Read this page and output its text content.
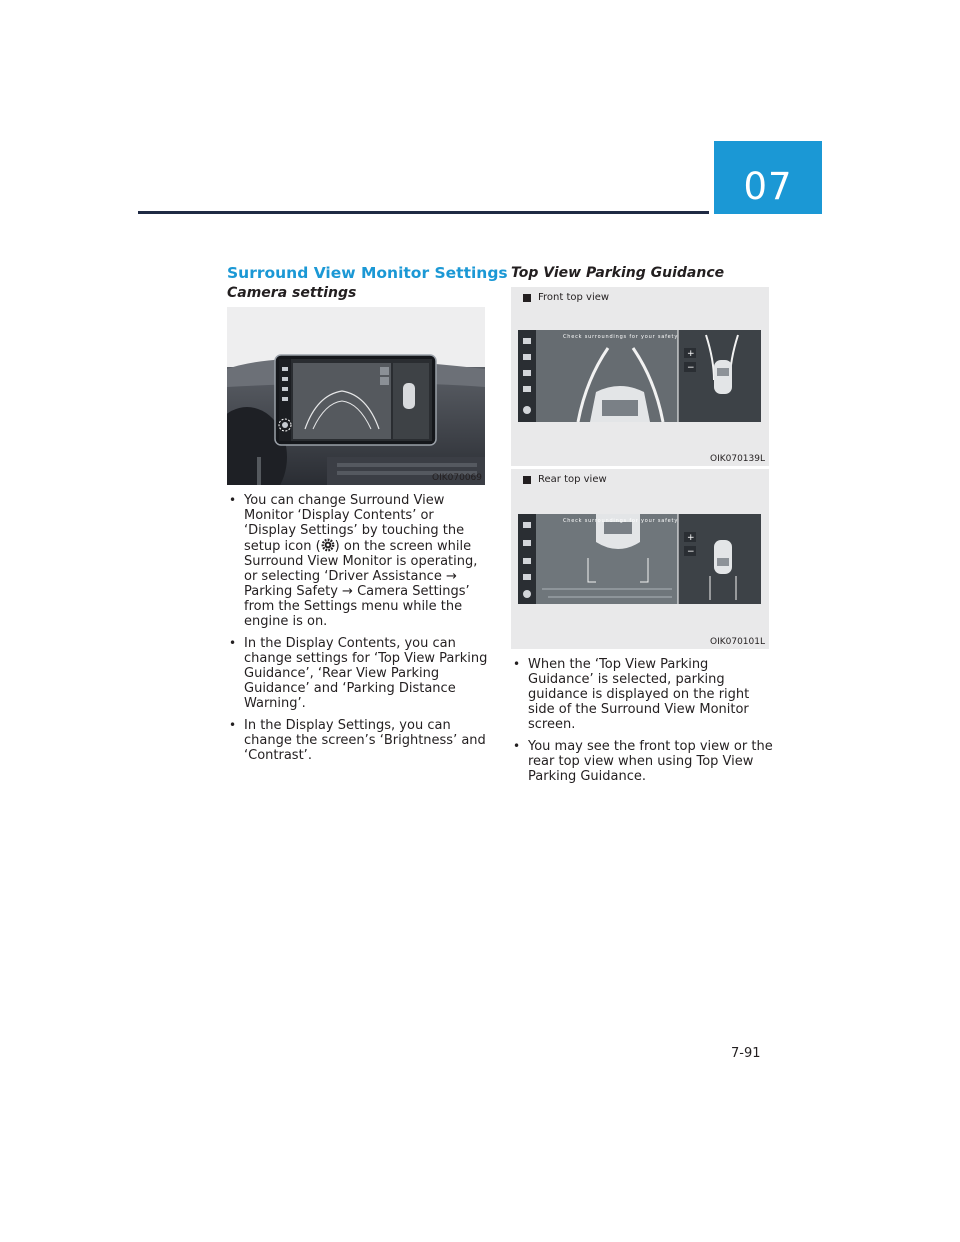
07
Surround View Monitor Settings
Camera settings
OIK070069
• You can change Surround View Monitor ‘Display Contents’ or ‘Display Settings’ by touching the setup icon ( ) on the screen while Surround View Monitor is operating, or selecting ‘Driver Assistance → Parking Safety → Camera Settings’ from the Settings menu while the engine is on.
• In the Display Contents, you can change settings for ‘Top View Parking Guidance’, ‘Rear View Parking Guidance’ and ‘Parking Distance Warning’.
• In the Display Settings, you can change the screen’s ‘Brightness’ and ‘Contrast’.
Top View Parking Guidance
Front top view
Check surroundings for your safety
+
−
OIK070139L
Rear top view
Check surroundings for your safety
+
−
OIK070101L
• When the ‘Top View Parking Guidance’ is selected, parking guidance is displayed on the right side of the Surround View Monitor screen.
• You may see the front top view or the rear top view when using Top View Parking Guidance.
7-91
